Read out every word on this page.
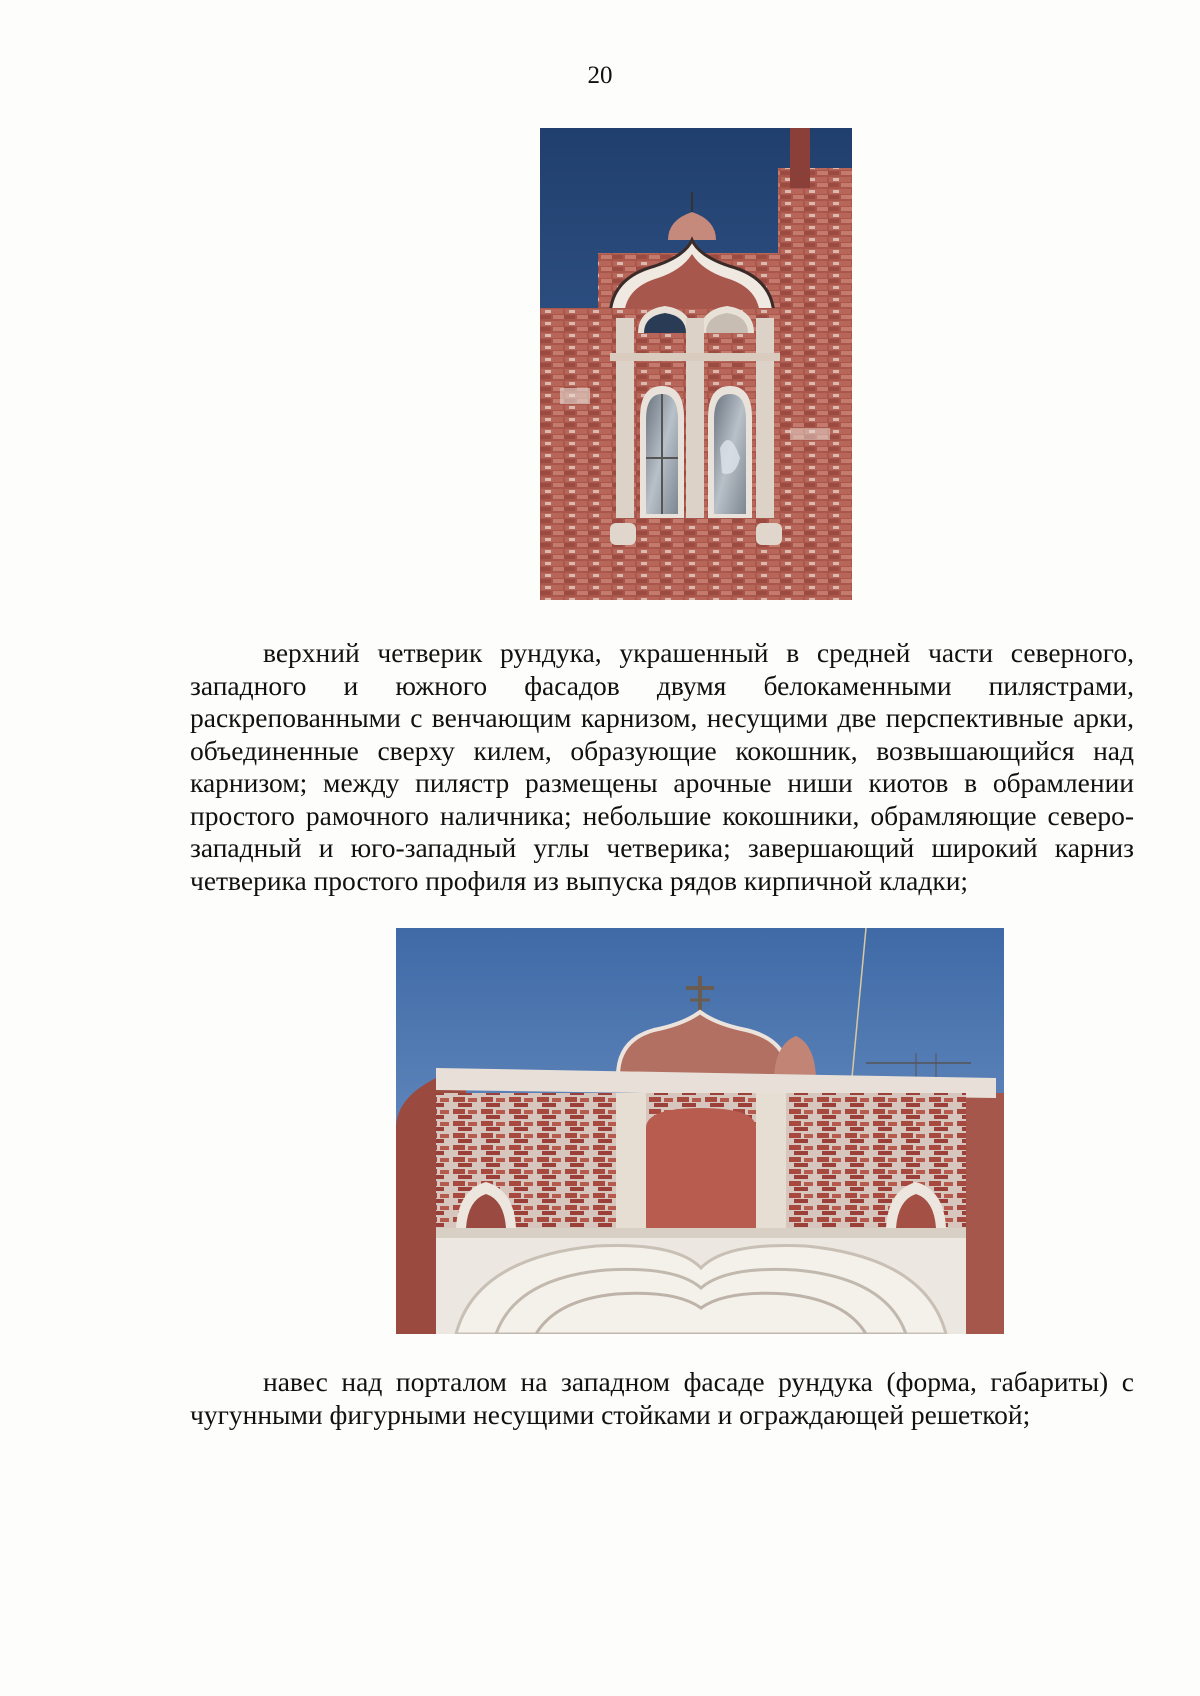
20
верхний четверик рундука, украшенный в средней части северного, западного и южного фасадов двумя белокаменными пилястрами, раскрепованными с венчающим карнизом, несущими две перспективные арки, объединенные сверху килем, образующие кокошник, возвышающийся над карнизом; между пилястр размещены арочные ниши киотов в обрамлении простого рамочного наличника; небольшие кокошники, обрамляющие северо-западный и юго-западный углы четверика; завершающий широкий карниз четверика простого профиля из выпуска рядов кирпичной кладки;
навес над порталом на западном фасаде рундука (форма, габариты) с чугунными фигурными несущими стойками и ограждающей решеткой;
